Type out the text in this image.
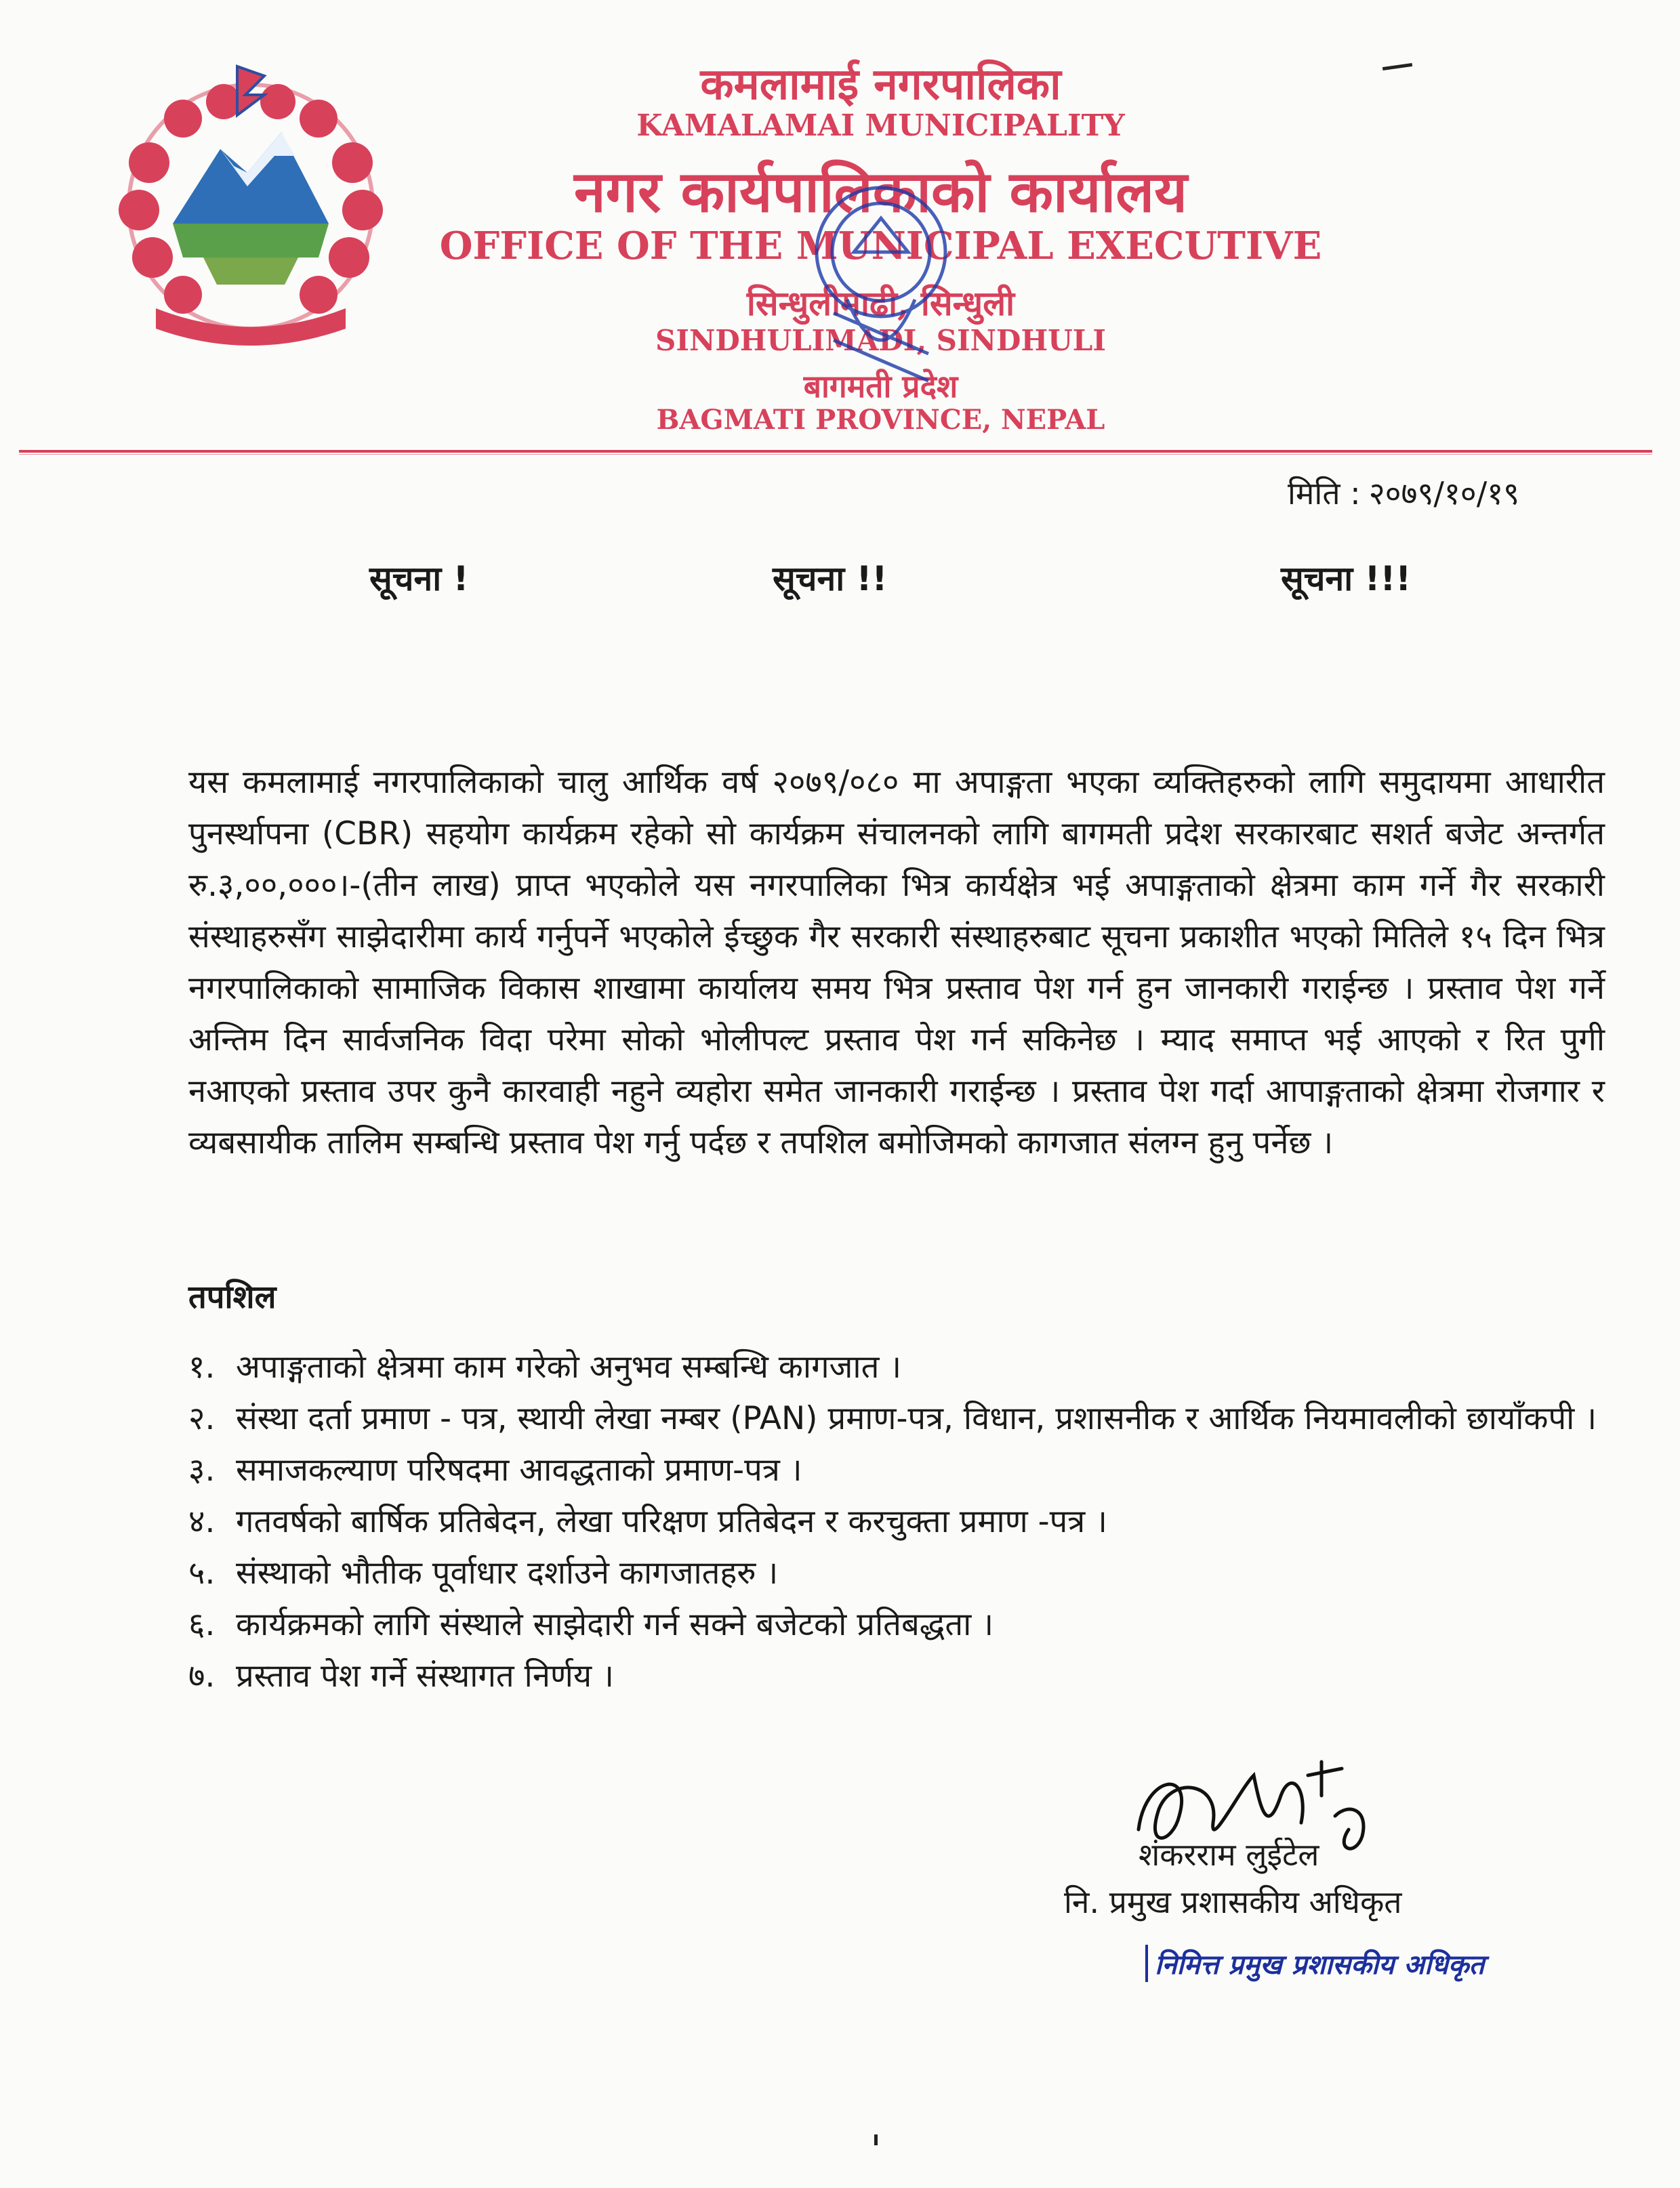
कमलामाई नगरपालिका
KAMALAMAI MUNICIPALITY
नगर कार्यपालिकाको कार्यालय
OFFICE OF THE MUNICIPAL EXECUTIVE
सिन्धुलीमाढी, सिन्धुली
SINDHULIMADI, SINDHULI
बागमती प्रदेश
BAGMATI PROVINCE, NEPAL
मिति : २०७९/१०/१९
सूचना !	सूचना !!	सूचना !!!

यस कमलामाई नगरपालिकाको चालु आर्थिक वर्ष २०७९/०८० मा अपाङ्गता भएका व्यक्तिहरुको लागि समुदायमा आधारीत पुनर्स्थापना (CBR) सहयोग कार्यक्रम रहेको सो कार्यक्रम संचालनको लागि बागमती प्रदेश सरकारबाट सशर्त बजेट अन्तर्गत रु.३,००,०००।-(तीन लाख) प्राप्त भएकोले यस नगरपालिका भित्र कार्यक्षेत्र भई अपाङ्गताको क्षेत्रमा काम गर्ने गैर सरकारी संस्थाहरुसँग साझेदारीमा कार्य गर्नुपर्ने भएकोले ईच्छुक गैर सरकारी संस्थाहरुबाट सूचना प्रकाशीत भएको मितिले १५ दिन भित्र नगरपालिकाको सामाजिक विकास शाखामा कार्यालय समय भित्र प्रस्ताव पेश गर्न हुन जानकारी गराईन्छ । प्रस्ताव पेश गर्ने अन्तिम दिन सार्वजनिक विदा परेमा सोको भोलीपल्ट प्रस्ताव पेश गर्न सकिनेछ । म्याद समाप्त भई आएको र रित पुगी नआएको प्रस्ताव उपर कुनै कारवाही नहुने व्यहोरा समेत जानकारी गराईन्छ । प्रस्ताव पेश गर्दा आपाङ्गताको क्षेत्रमा रोजगार र व्यबसायीक तालिम सम्बन्धि प्रस्ताव पेश गर्नु पर्दछ र तपशिल बमोजिमको कागजात संलग्न हुनु पर्नेछ ।

तपशिल
१. अपाङ्गताको क्षेत्रमा काम गरेको अनुभव सम्बन्धि कागजात ।
२. संस्था दर्ता प्रमाण - पत्र, स्थायी लेखा नम्बर (PAN) प्रमाण-पत्र, विधान, प्रशासनीक र आर्थिक नियमावलीको छायाँकपी ।
३. समाजकल्याण परिषदमा आवद्धताको प्रमाण-पत्र ।
४. गतवर्षको बार्षिक प्रतिबेदन, लेखा परिक्षण प्रतिबेदन र करचुक्ता प्रमाण -पत्र ।
५. संस्थाको भौतीक पूर्वाधार दर्शाउने कागजातहरु ।
६. कार्यक्रमको लागि संस्थाले साझेदारी गर्न सक्ने बजेटको प्रतिबद्धता ।
७. प्रस्ताव पेश गर्ने संस्थागत निर्णय ।
शंकरराम लुईटेल
नि. प्रमुख प्रशासकीय अधिकृत
निमित्त प्रमुख प्रशासकीय अधिकृत
